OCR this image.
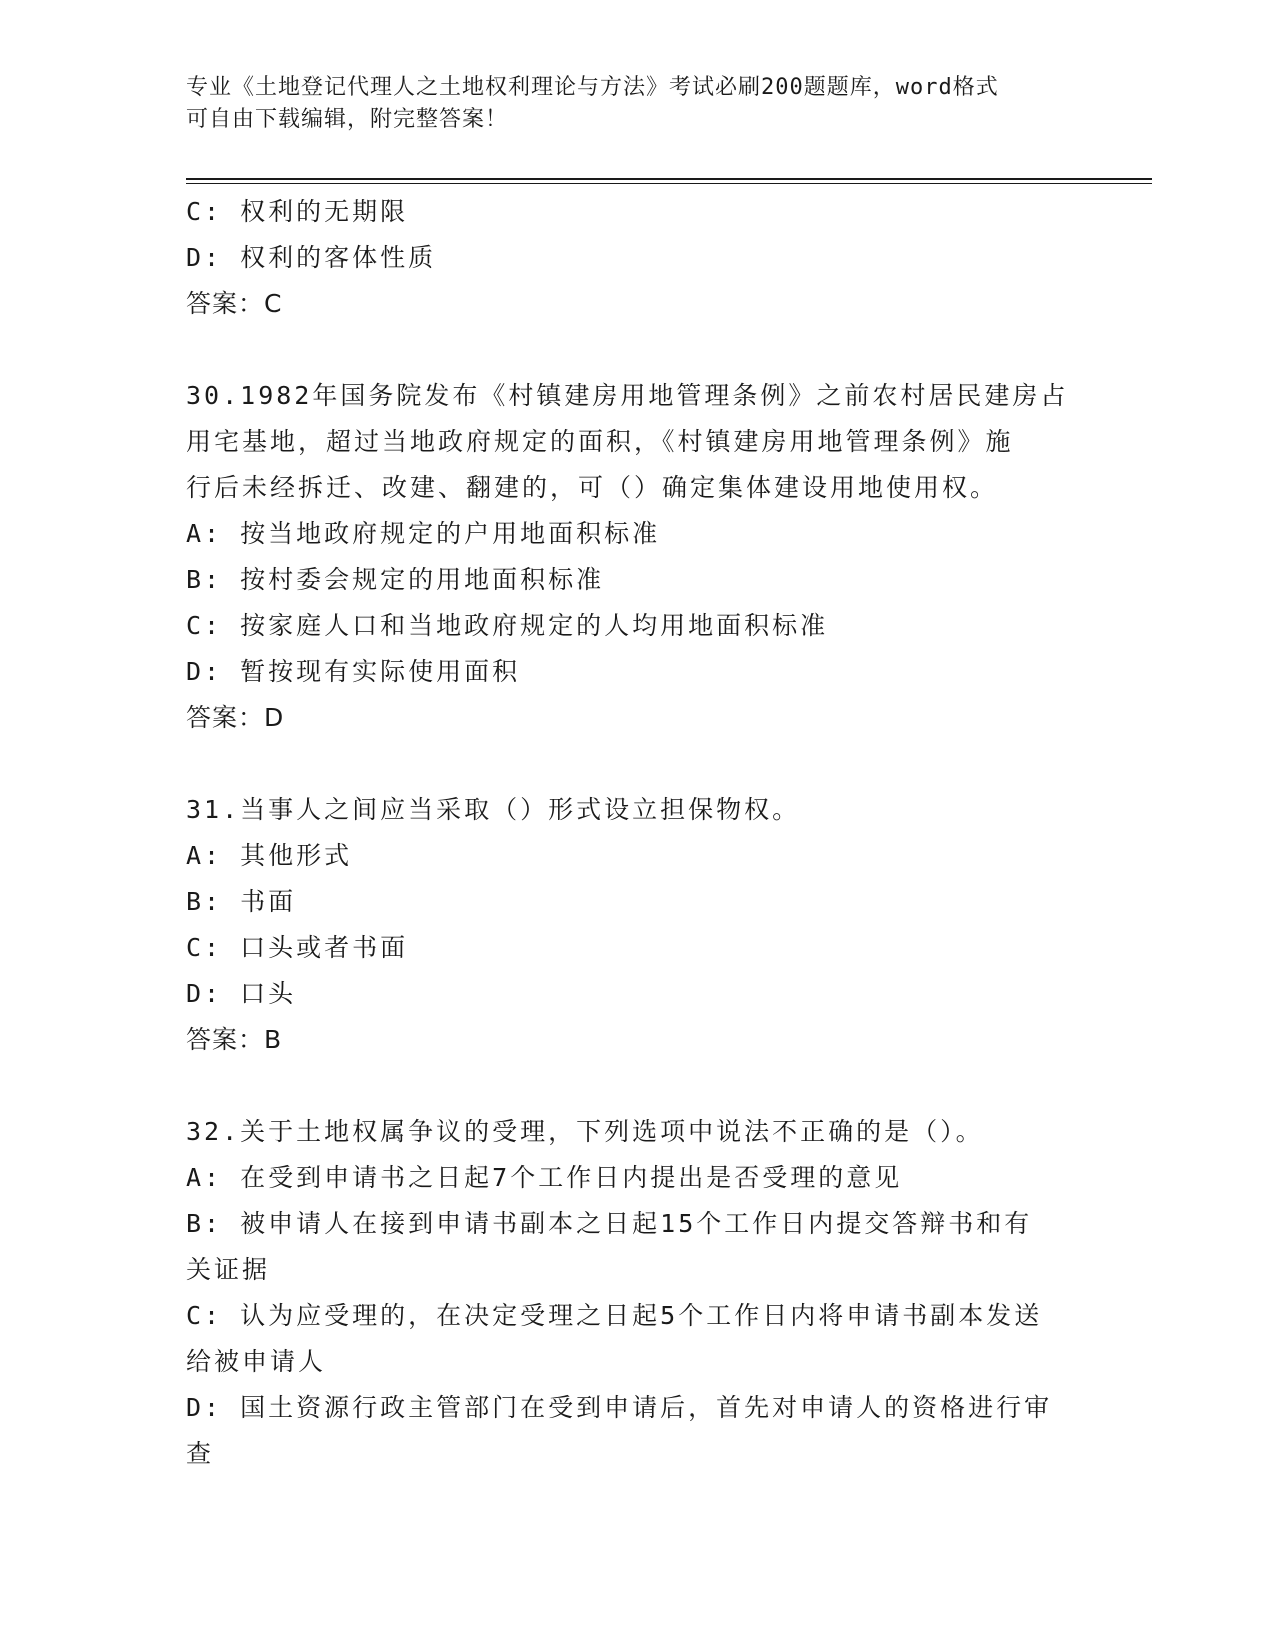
专业《土地登记代理人之土地权利理论与方法》考试必刷200题题库，word格式
可自由下载编辑，附完整答案！
C: 权利的无期限
D: 权利的客体性质
答案：C
30.1982年国务院发布《村镇建房用地管理条例》之前农村居民建房占
用宅基地，超过当地政府规定的面积，《村镇建房用地管理条例》施
行后未经拆迁、改建、翻建的，可（）确定集体建设用地使用权。
A: 按当地政府规定的户用地面积标准
B: 按村委会规定的用地面积标准
C: 按家庭人口和当地政府规定的人均用地面积标准
D: 暂按现有实际使用面积
答案：D
31.当事人之间应当采取（）形式设立担保物权。
A: 其他形式
B: 书面
C: 口头或者书面
D: 口头
答案：B
32.关于土地权属争议的受理，下列选项中说法不正确的是（）。
A: 在受到申请书之日起7个工作日内提出是否受理的意见
B: 被申请人在接到申请书副本之日起15个工作日内提交答辩书和有
关证据
C: 认为应受理的，在决定受理之日起5个工作日内将申请书副本发送
给被申请人
D: 国土资源行政主管部门在受到申请后，首先对申请人的资格进行审
查
